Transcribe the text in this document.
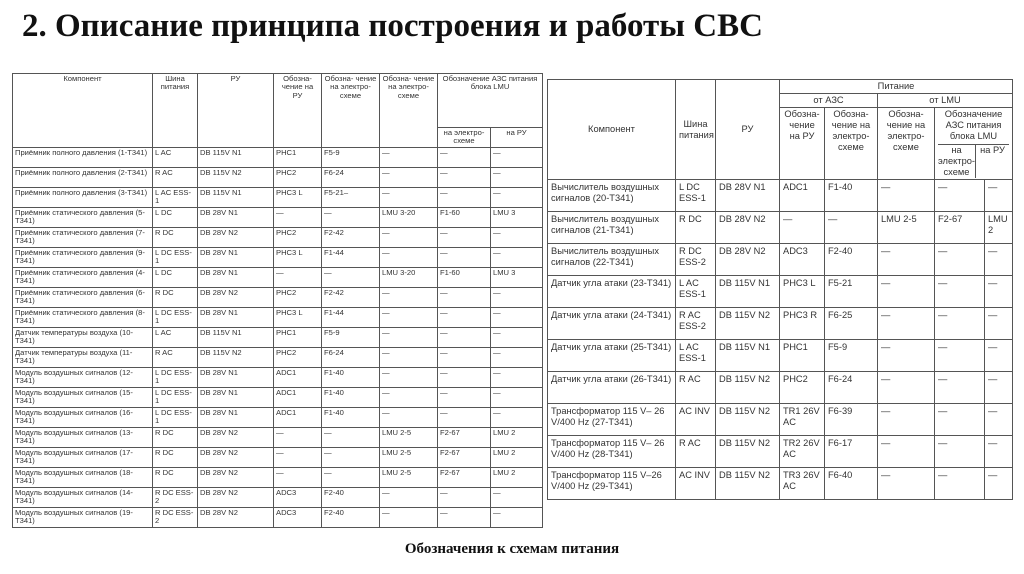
2. Описание принципа построения и работы СВС
Компонент	Шина питания	РУ	Обозна- чение на РУ	Обозна- чение на электро- схеме	Обозна- чение на электро- схеме	Обозначение АЗС питания блока LMU	
						на электро- схеме	на РУ
Приёмник полного давления (1-T341)	L AC	DB 115V N1	PHC1	F5-9	—	—	—
Приёмник полного давления (2-T341)	R AC	DB 115V N2	PHC2	F6-24	—	—	—
Приёмник полного давления (3-T341)	L AC ESS-1	DB 115V N1	PHC3 L	F5-21–	—	—	—
Приёмник статического давления (5-T341)	L DC	DB 28V N1	—	—	LMU 3-20	F1-60	LMU 3
Приёмник статического давления (7-T341)	R DC	DB 28V N2	PHC2	F2-42	—	—	—
Приёмник статического давления (9-T341)	L DC ESS-1	DB 28V N1	PHC3 L	F1-44	—	—	—
Приёмник статического давления (4-T341)	L DC	DB 28V N1	—	—	LMU 3-20	F1-60	LMU 3
Приёмник статического давления (6-T341)	R DC	DB 28V N2	PHC2	F2-42	—	—	—
Приёмник статического давления (8-T341)	L DC ESS-1	DB 28V N1	PHC3 L	F1-44	—	—	—
Датчик температуры воздуха (10-T341)	L AC	DB 115V N1	PHC1	F5-9	—	—	—
Датчик температуры воздуха (11-T341)	R AC	DB 115V N2	PHC2	F6-24	—	—	—
Модуль воздушных сигналов (12-T341)	L DC ESS-1	DB 28V N1	ADC1	F1-40	—	—	—
Модуль воздушных сигналов (15-T341)	L DC ESS-1	DB 28V N1	ADC1	F1-40	—	—	—
Модуль воздушных сигналов (16-T341)	L DC ESS-1	DB 28V N1	ADC1	F1-40	—	—	—
Модуль воздушных сигналов (13-T341)	R DC	DB 28V N2	—	—	LMU 2-5	F2-67	LMU 2
Модуль воздушных сигналов (17-T341)	R DC	DB 28V N2	—	—	LMU 2-5	F2-67	LMU 2
Модуль воздушных сигналов (18-T341)	R DC	DB 28V N2	—	—	LMU 2-5	F2-67	LMU 2
Модуль воздушных сигналов (14-T341)	R DC ESS-2	DB 28V N2	ADC3	F2-40	—	—	—
Модуль воздушных сигналов (19-T341)	R DC ESS-2	DB 28V N2	ADC3	F2-40	—	—	—
Компонент	Шина питания	РУ	Питание				
			от АЗС		от LMU		
			Обозна- чение на РУ	Обозна- чение на электро- схеме	Обозна- чение на электро- схеме	Обозначение АЗС питания блока LMU
на электро- схеме
на РУ	

Вычислитель воздушных сигналов (20-T341)	L DC ESS-1	DB 28V N1	ADC1	F1-40	—	—	—
Вычислитель воздушных сигналов (21-T341)	R DC	DB 28V N2	—	—	LMU 2-5	F2-67	LMU 2
Вычислитель воздушных сигналов (22-T341)	R DC ESS-2	DB 28V N2	ADC3	F2-40	—	—	—
Датчик угла атаки (23-T341)	L AC ESS-1	DB 115V N1	PHC3 L	F5-21	—	—	—
Датчик угла атаки (24-T341)	R AC ESS-2	DB 115V N2	PHC3 R	F6-25	—	—	—
Датчик угла атаки (25-T341)	L AC ESS-1	DB 115V N1	PHC1	F5-9	—	—	—
Датчик угла атаки (26-T341)	R AC	DB 115V N2	PHC2	F6-24	—	—	—
Трансформатор 115 V– 26 V/400 Hz (27-T341)	AC INV	DB 115V N2	TR1 26V AC	F6-39	—	—	—
Трансформатор 115 V– 26 V/400 Hz (28-T341)	R AC	DB 115V N2	TR2 26V AC	F6-17	—	—	—
Трансформатор 115 V–26 V/400 Hz (29-T341)	AC INV	DB 115V N2	TR3 26V AC	F6-40	—	—	—
Обозначения к схемам питания
